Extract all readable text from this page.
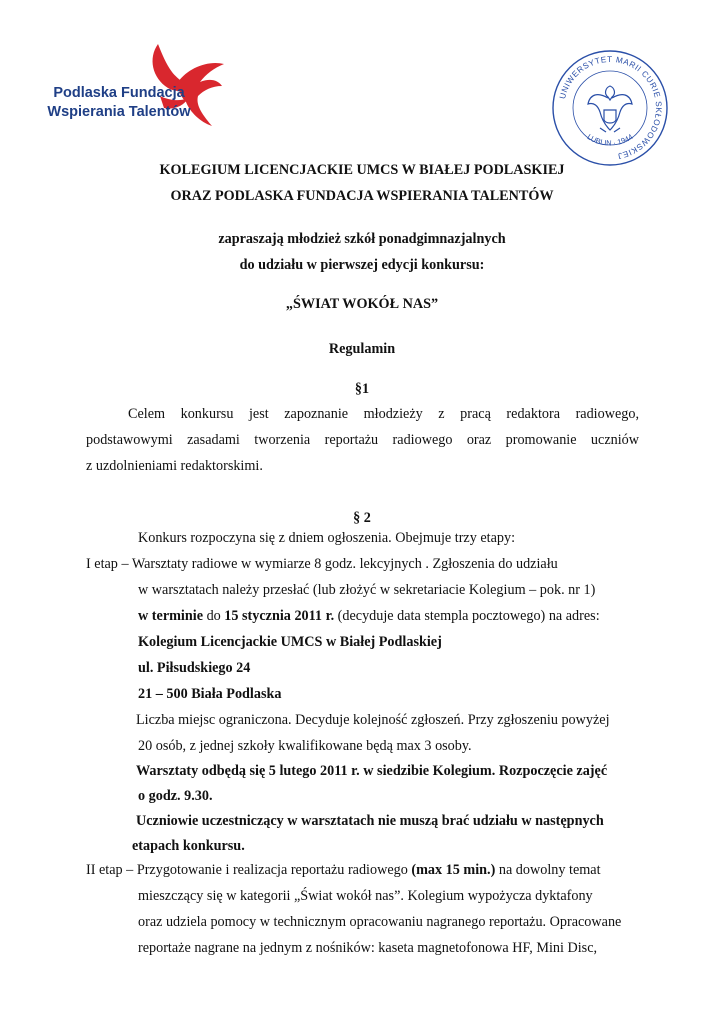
Podlaska Fundacja
Wspierania Talentów
UNIWERSYTET MARII CURIE SKŁODOWSKIEJ
LUBLIN · 1944
KOLEGIUM LICENCJACKIE UMCS W BIAŁEJ PODLASKIEJ
ORAZ PODLASKA FUNDACJA WSPIERANIA TALENTÓW
zapraszają młodzież szkół ponadgimnazjalnych
do udziału w pierwszej edycji konkursu:
„ŚWIAT WOKÓŁ NAS”
Regulamin
§1
Celem konkursu jest zapoznanie młodzieży z pracą redaktora radiowego,
podstawowymi zasadami tworzenia reportażu radiowego oraz promowanie uczniów
z uzdolnieniami redaktorskimi.
§ 2
Konkurs rozpoczyna się z dniem ogłoszenia. Obejmuje trzy etapy:
I etap – Warsztaty radiowe w wymiarze 8 godz. lekcyjnych . Zgłoszenia do udziału
w warsztatach należy przesłać (lub złożyć w sekretariacie Kolegium – pok. nr 1)
w terminie do 15 stycznia 2011 r. (decyduje data stempla pocztowego) na adres:
Kolegium Licencjackie UMCS w Białej Podlaskiej
ul. Piłsudskiego 24
21 – 500 Biała Podlaska
Liczba miejsc ograniczona. Decyduje kolejność zgłoszeń. Przy zgłoszeniu powyżej
20 osób, z jednej szkoły kwalifikowane będą max 3 osoby.
Warsztaty odbędą się 5 lutego 2011 r. w siedzibie Kolegium. Rozpoczęcie zajęć
o godz. 9.30.
Uczniowie uczestniczący w warsztatach nie muszą brać udziału w następnych
etapach konkursu.
II etap – Przygotowanie i realizacja reportażu radiowego (max 15 min.) na dowolny temat
mieszczący się w kategorii „Świat wokół nas”. Kolegium wypożycza dyktafony
oraz udziela pomocy w technicznym opracowaniu nagranego reportażu. Opracowane
reportaże nagrane na jednym z nośników: kaseta magnetofonowa HF, Mini Disc,
